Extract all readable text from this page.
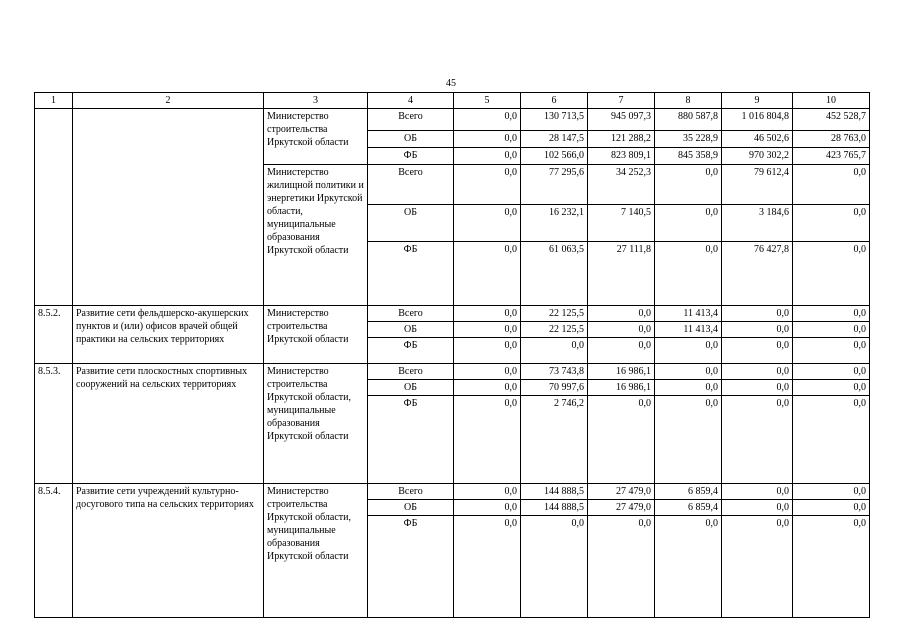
45
1	2	3	4	5	6	7	8	9	10
		Министерство строительства Иркутской области	Всего	0,0	130 713,5	945 097,3	880 587,8	1 016 804,8	452 528,7
			ОБ	0,0	28 147,5	121 288,2	35 228,9	46 502,6	28 763,0
			ФБ	0,0	102 566,0	823 809,1	845 358,9	970 302,2	423 765,7
		Министерство жилищной политики и энергетики Иркутской области, муниципальные образования Иркутской области	Всего	0,0	77 295,6	34 252,3	0,0	79 612,4	0,0
			ОБ	0,0	16 232,1	7 140,5	0,0	3 184,6	0,0
			ФБ	0,0	61 063,5	27 111,8	0,0	76 427,8	0,0
8.5.2.	Развитие сети фельдшерско-акушерских пунктов и (или) офисов врачей общей практики на сельских территориях	Министерство строительства Иркутской области	Всего	0,0	22 125,5	0,0	11 413,4	0,0	0,0
			ОБ	0,0	22 125,5	0,0	11 413,4	0,0	0,0
			ФБ	0,0	0,0	0,0	0,0	0,0	0,0
8.5.3.	Развитие сети плоскостных спортивных сооружений на сельских территориях	Министерство строительства Иркутской области, муниципальные образования Иркутской области	Всего	0,0	73 743,8	16 986,1	0,0	0,0	0,0
			ОБ	0,0	70 997,6	16 986,1	0,0	0,0	0,0
			ФБ	0,0	2 746,2	0,0	0,0	0,0	0,0
8.5.4.	Развитие сети учреждений культурно-досугового типа на сельских территориях	Министерство строительства Иркутской области, муниципальные образования Иркутской области	Всего	0,0	144 888,5	27 479,0	6 859,4	0,0	0,0
			ОБ	0,0	144 888,5	27 479,0	6 859,4	0,0	0,0
			ФБ	0,0	0,0	0,0	0,0	0,0	0,0
